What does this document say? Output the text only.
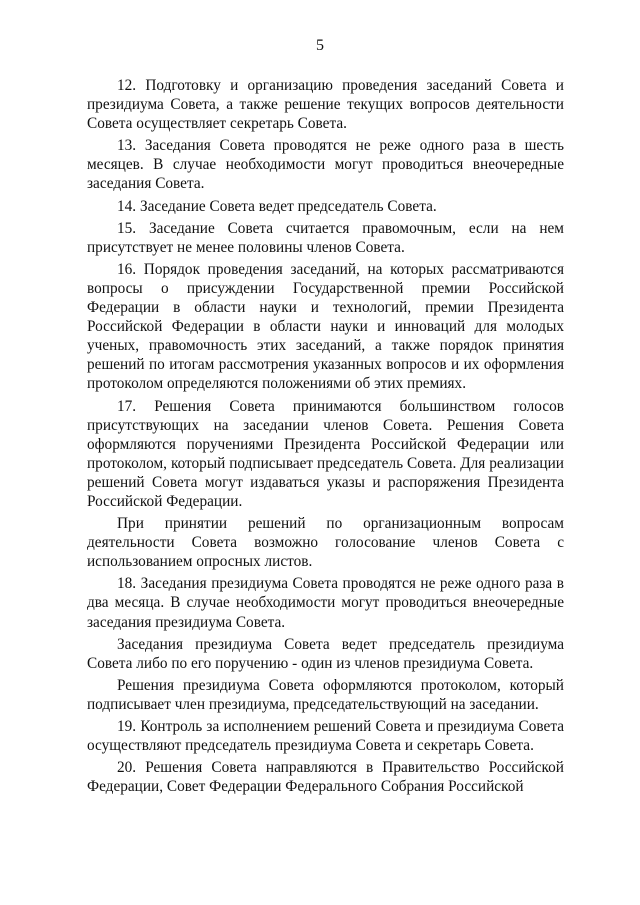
5

12. Подготовку и организацию проведения заседаний Совета и президиума Совета, а также решение текущих вопросов деятельности Совета осуществляет секретарь Совета.

13. Заседания Совета проводятся не реже одного раза в шесть месяцев. В случае необходимости могут проводиться внеочередные заседания Совета.

14. Заседание Совета ведет председатель Совета.

15. Заседание Совета считается правомочным, если на нем присутствует не менее половины членов Совета.

16. Порядок проведения заседаний, на которых рассматриваются вопросы о присуждении Государственной премии Российской Федерации в области науки и технологий, премии Президента Российской Федерации в области науки и инноваций для молодых ученых, правомочность этих заседаний, а также порядок принятия решений по итогам рассмотрения указанных вопросов и их оформления протоколом определяются положениями об этих премиях.

17. Решения Совета принимаются большинством голосов присутствующих на заседании членов Совета. Решения Совета оформляются поручениями Президента Российской Федерации или протоколом, который подписывает председатель Совета. Для реализации решений Совета могут издаваться указы и распоряжения Президента Российской Федерации.

При принятии решений по организационным вопросам деятельности Совета возможно голосование членов Совета с использованием опросных листов.

18. Заседания президиума Совета проводятся не реже одного раза в два месяца. В случае необходимости могут проводиться внеочередные заседания президиума Совета.

Заседания президиума Совета ведет председатель президиума Совета либо по его поручению - один из членов президиума Совета.

Решения президиума Совета оформляются протоколом, который подписывает член президиума, председательствующий на заседании.

19. Контроль за исполнением решений Совета и президиума Совета осуществляют председатель президиума Совета и секретарь Совета.

20. Решения Совета направляются в Правительство Российской Федерации, Совет Федерации Федерального Собрания Российской
